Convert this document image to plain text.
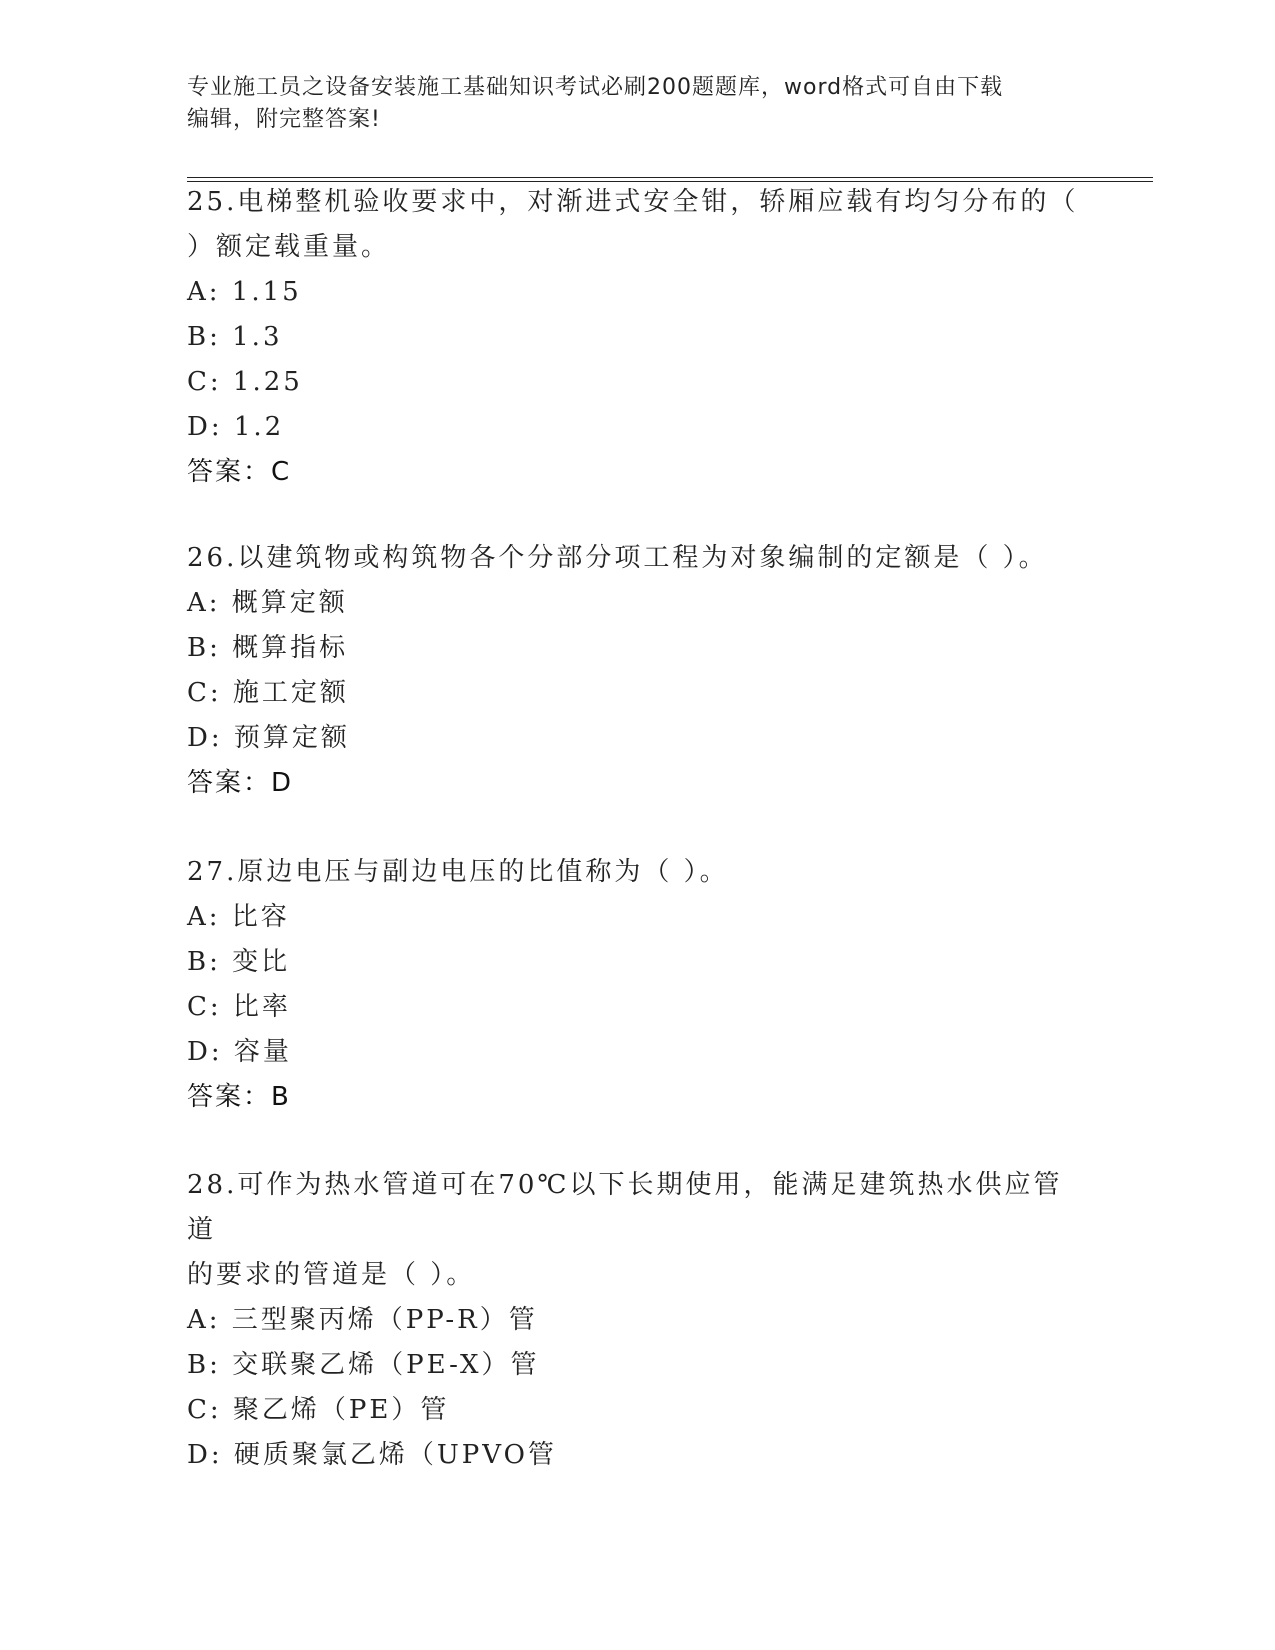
专业施工员之设备安装施工基础知识考试必刷200题题库，word格式可自由下载
编辑，附完整答案!
25.电梯整机验收要求中，对渐进式安全钳，轿厢应载有均匀分布的（
）额定载重量。
A: 1.15
B: 1.3
C: 1.25
D: 1.2
答案：C
26.以建筑物或构筑物各个分部分项工程为对象编制的定额是（ ）。
A: 概算定额
B: 概算指标
C: 施工定额
D: 预算定额
答案：D
27.原边电压与副边电压的比值称为（ ）。
A: 比容
B: 变比
C: 比率
D: 容量
答案：B
28.可作为热水管道可在70℃以下长期使用，能满足建筑热水供应管道
的要求的管道是（ ）。
A: 三型聚丙烯（PP-R）管
B: 交联聚乙烯（PE-X）管
C: 聚乙烯（PE）管
D: 硬质聚氯乙烯（UPVO管
